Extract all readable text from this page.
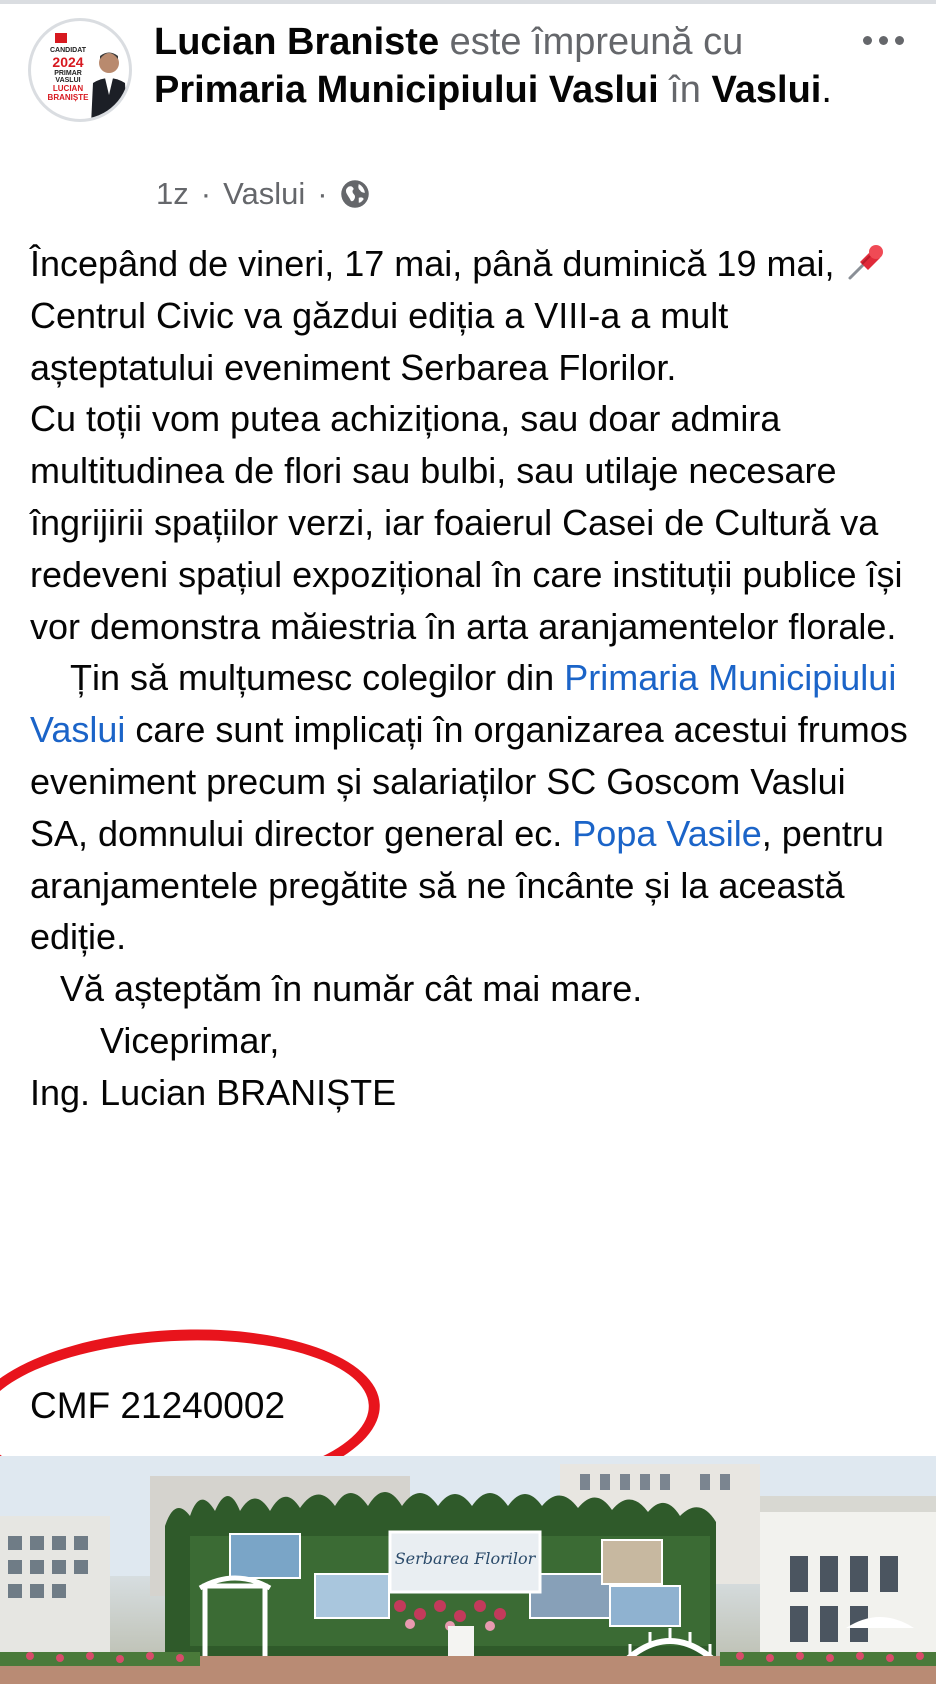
CANDIDAT
2024
PRIMAR VASLUI
LUCIAN BRANIȘTE
Lucian Braniste este împreună cu Primaria Municipiului Vaslui în Vaslui.
1z · Vaslui ·

Începând de vineri, 17 mai, până duminică 19 mai,  Centrul Civic va găzdui ediția a VIII-a a mult așteptatului eveniment Serbarea Florilor.

Cu toții vom putea achiziționa, sau doar admira multitudinea de flori sau bulbi, sau utilaje necesare îngrijirii spațiilor verzi, iar foaierul Casei de Cultură va redeveni spațiul expozițional în care instituții publice își vor demonstra măiestria în arta aranjamentelor florale.

Țin să mulțumesc colegilor din Primaria Municipiului Vaslui care sunt implicați în organizarea acestui frumos eveniment precum și salariaților SC Goscom Vaslui SA, domnului director general ec. Popa Vasile, pentru aranjamentele pregătite să ne încânte și la această ediție.

Vă așteptăm în număr cât mai mare.

Viceprimar,

Ing. Lucian BRANIȘTE

CMF 21240002
Serbarea Florilor
